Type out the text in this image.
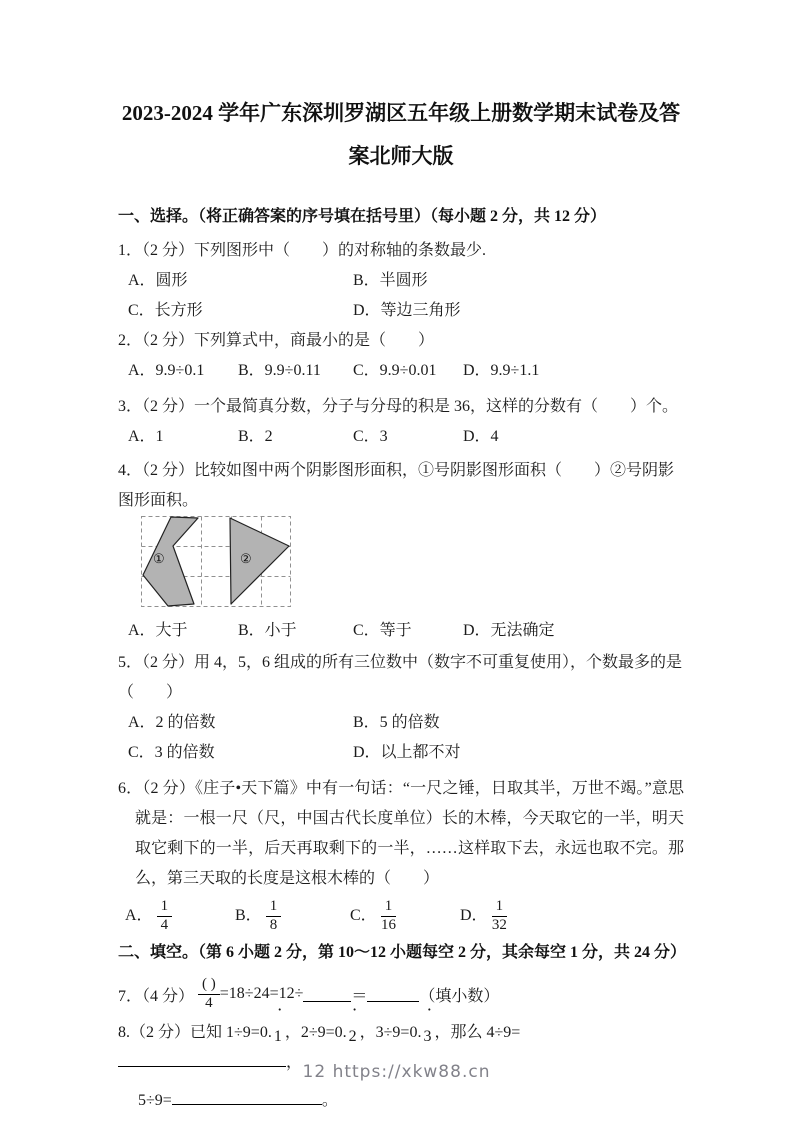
2023-2024 学年广东深圳罗湖区五年级上册数学期末试卷及答案北师大版
一、选择。（将正确答案的序号填在括号里）（每小题 2 分，共 12 分）
1．（2 分）下列图形中（　　）的对称轴的条数最少.
A．圆形	B．半圆形
C．长方形	D．等边三角形
2．（2 分）下列算式中，商最小的是（　　）
A．9.9÷0.1	B．9.9÷0.11	C．9.9÷0.01	D．9.9÷1.1
3．（2 分）一个最简真分数，分子与分母的积是 36，这样的分数有（　　）个。
A．1	B．2	C．3	D．4
4．（2 分）比较如图中两个阴影图形面积，①号阴影图形面积（　　）②号阴影图形面积。
①	②
A．大于	B．小于	C．等于	D．无法确定
5．（2 分）用 4，5，6 组成的所有三位数中（数字不可重复使用），个数最多的是（　　）
A．2 的倍数	B．5 的倍数
C．3 的倍数	D．以上都不对
6．（2 分）《庄子•天下篇》中有一句话：“一尺之锤，日取其半，万世不竭。”意思就是：一根一尺（尺，中国古代长度单位）长的木棒，今天取它的一半，明天取它剩下的一半，后天再取剩下的一半，……这样取下去，永远也取不完。那么，第三天取的长度是这根木棒的（　　）
A． $\frac{1}{4}$	B． $\frac{1}{8}$	C． $\frac{1}{16}$	D． $\frac{1}{32}$
二、填空。（第 6 小题 2 分，第 10～12 小题每空 2 分，其余每空 1 分，共 24 分）
7．（4 分） $\frac{( )}{4} =18\div 24=12\div$	＝	（填小数）
8.（2 分）已知 1÷9=0.
˙
1 ，2÷9=0.
˙
2 ，3÷9=0.
˙
3 ，那么 4÷9=，
5÷9=	。
12 https://xkw88.cn
